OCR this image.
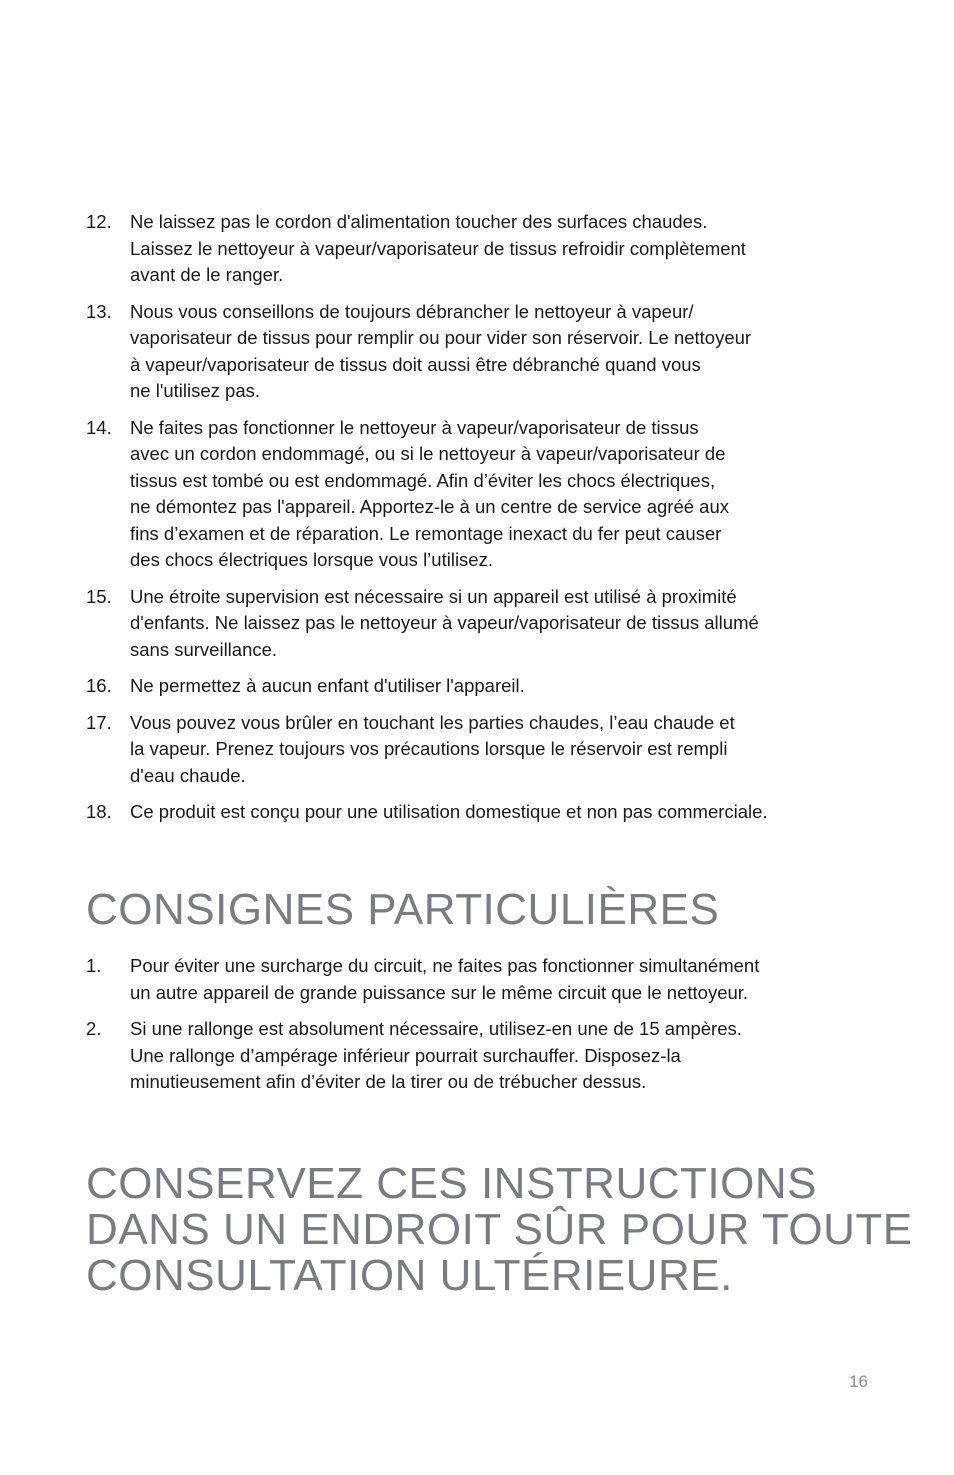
12. Ne laissez pas le cordon d'alimentation toucher des surfaces chaudes.
Laissez le nettoyeur à vapeur/vaporisateur de tissus refroidir complètement
avant de le ranger.
13. Nous vous conseillons de toujours débrancher le nettoyeur à vapeur/
vaporisateur de tissus pour remplir ou pour vider son réservoir. Le nettoyeur
à vapeur/vaporisateur de tissus doit aussi être débranché quand vous
ne l'utilisez pas.
14. Ne faites pas fonctionner le nettoyeur à vapeur/vaporisateur de tissus
avec un cordon endommagé, ou si le nettoyeur à vapeur/vaporisateur de
tissus est tombé ou est endommagé. Afin d’éviter les chocs électriques,
ne démontez pas l'appareil. Apportez-le à un centre de service agréé aux
fins d’examen et de réparation. Le remontage inexact du fer peut causer
des chocs électriques lorsque vous l’utilisez.
15. Une étroite supervision est nécessaire si un appareil est utilisé à proximité
d'enfants. Ne laissez pas le nettoyeur à vapeur/vaporisateur de tissus allumé
sans surveillance.
16. Ne permettez à aucun enfant d'utiliser l'appareil.
17. Vous pouvez vous brûler en touchant les parties chaudes, l’eau chaude et
la vapeur. Prenez toujours vos précautions lorsque le réservoir est rempli
d'eau chaude.
18. Ce produit est conçu pour une utilisation domestique et non pas commerciale.
CONSIGNES PARTICULIÈRES
1. Pour éviter une surcharge du circuit, ne faites pas fonctionner simultanément
un autre appareil de grande puissance sur le même circuit que le nettoyeur.
2. Si une rallonge est absolument nécessaire, utilisez-en une de 15 ampères.
Une rallonge d’ampérage inférieur pourrait surchauffer. Disposez-la
minutieusement afin d’éviter de la tirer ou de trébucher dessus.
CONSERVEZ CES INSTRUCTIONS
DANS UN ENDROIT SÛR POUR TOUTE
CONSULTATION ULTÉRIEURE.
16
